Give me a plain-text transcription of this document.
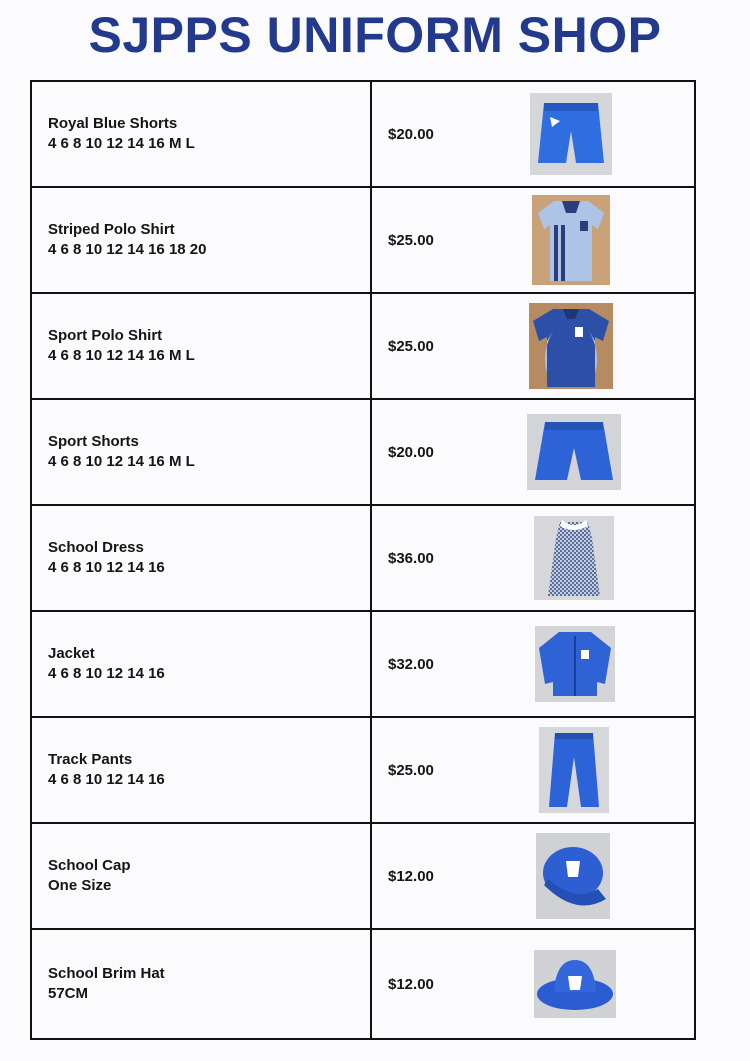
SJPPS UNIFORM SHOP
Royal Blue Shorts
4 6 8 10 12 14 16 M L
$20.00
Striped Polo Shirt
4 6 8 10 12 14 16 18 20
$25.00
Sport Polo Shirt
4 6 8 10 12 14 16 M L
$25.00
Sport Shorts
4 6 8 10 12 14 16 M L
$20.00
School Dress
4 6 8 10 12 14 16
$36.00
Jacket
4 6 8 10 12 14 16
$32.00
Track Pants
4 6 8 10 12 14 16
$25.00
School Cap
One Size
$12.00
School Brim Hat
57CM
$12.00
